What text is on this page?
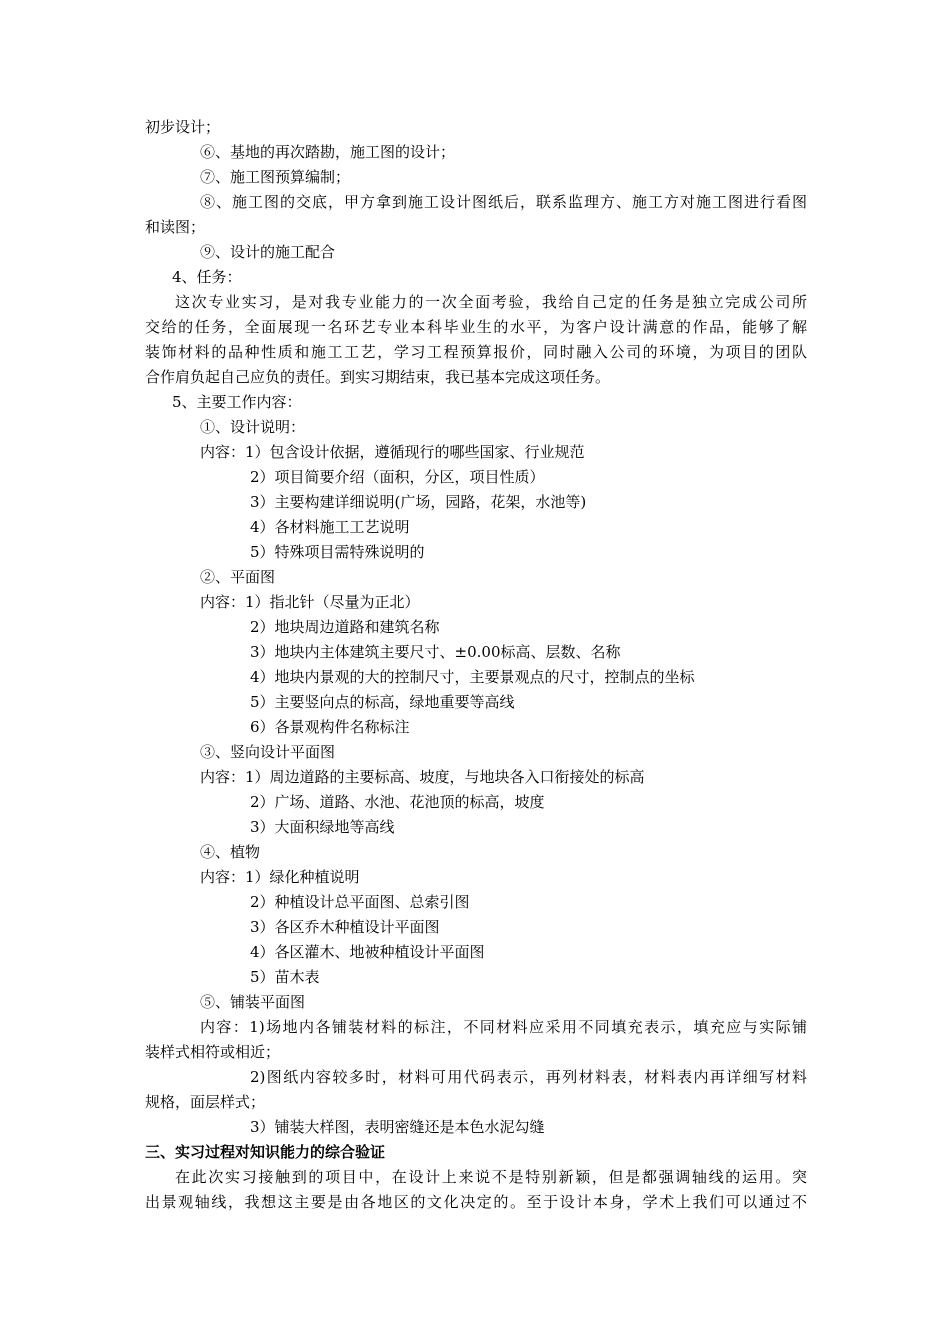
初步设计；
⑥、基地的再次踏勘，施工图的设计；
⑦、施工图预算编制；
⑧、施工图的交底，甲方拿到施工设计图纸后，联系监理方、施工方对施工图进行看图
和读图；
⑨、设计的施工配合
4、任务：
这次专业实习，是对我专业能力的一次全面考验，我给自己定的任务是独立完成公司所
交给的任务，全面展现一名环艺专业本科毕业生的水平，为客户设计满意的作品，能够了解
装饰材料的品种性质和施工工艺，学习工程预算报价，同时融入公司的环境，为项目的团队
合作肩负起自己应负的责任。到实习期结束，我已基本完成这项任务。
5、主要工作内容：
①、设计说明：
内容：1）包含设计依据，遵循现行的哪些国家、行业规范
2）项目简要介绍（面积，分区，项目性质）
3）主要构建详细说明(广场，园路，花架，水池等)
4）各材料施工工艺说明
5）特殊项目需特殊说明的
②、平面图
内容：1）指北针（尽量为正北）
2）地块周边道路和建筑名称
3）地块内主体建筑主要尺寸、±0.00标高、层数、名称
4）地块内景观的大的控制尺寸，主要景观点的尺寸，控制点的坐标
5）主要竖向点的标高，绿地重要等高线
6）各景观构件名称标注
③、竖向设计平面图
内容：1）周边道路的主要标高、坡度，与地块各入口衔接处的标高
2）广场、道路、水池、花池顶的标高，坡度
3）大面积绿地等高线
④、植物
内容：1）绿化种植说明
2）种植设计总平面图、总索引图
3）各区乔木种植设计平面图
4）各区灌木、地被种植设计平面图
5）苗木表
⑤、铺装平面图
内容：1)场地内各铺装材料的标注，不同材料应采用不同填充表示，填充应与实际铺
装样式相符或相近；
2)图纸内容较多时，材料可用代码表示，再列材料表，材料表内再详细写材料
规格，面层样式；
3）铺装大样图，表明密缝还是本色水泥勾缝
三、实习过程对知识能力的综合验证
在此次实习接触到的项目中，在设计上来说不是特别新颖，但是都强调轴线的运用。突
出景观轴线，我想这主要是由各地区的文化决定的。至于设计本身，学术上我们可以通过不
